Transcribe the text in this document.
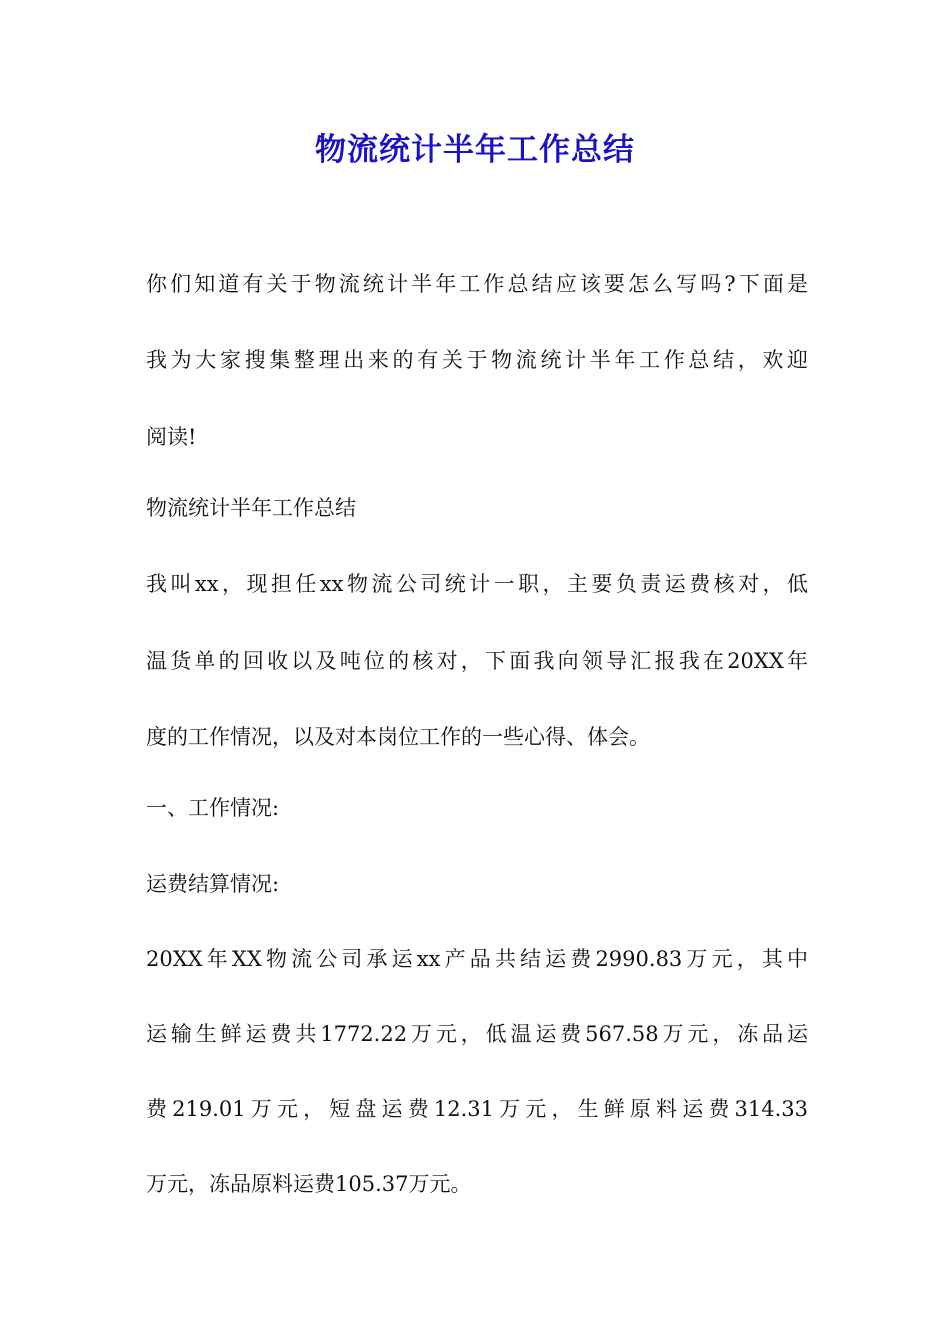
物流统计半年工作总结
你们知道有关于物流统计半年工作总结应该要怎么写吗?下面是
我为大家搜集整理出来的有关于物流统计半年工作总结，欢迎
阅读!
物流统计半年工作总结
我叫xx，现担任xx物流公司统计一职，主要负责运费核对，低
温货单的回收以及吨位的核对，下面我向领导汇报我在20XX年
度的工作情况，以及对本岗位工作的一些心得、体会。
一、工作情况:
运费结算情况:
20XX年XX物流公司承运xx产品共结运费2990.83万元，其中
运输生鲜运费共1772.22万元，低温运费567.58万元，冻品运
费219.01万元，短盘运费12.31万元，生鲜原料运费314.33
万元，冻品原料运费105.37万元。
